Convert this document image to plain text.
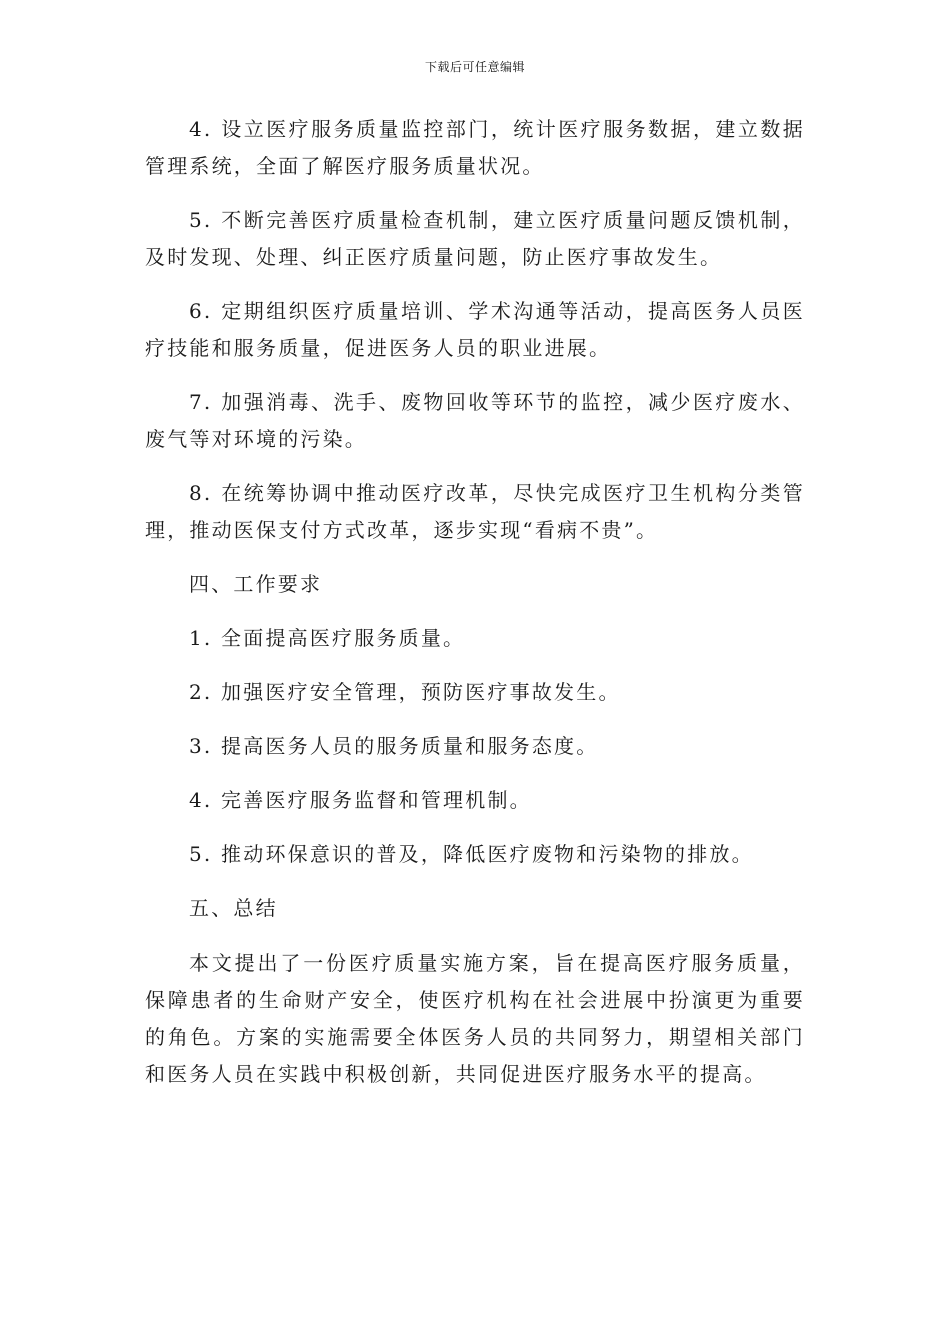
下载后可任意编辑

4. 设立医疗服务质量监控部门，统计医疗服务数据，建立数据管理系统，全面了解医疗服务质量状况。

5. 不断完善医疗质量检查机制，建立医疗质量问题反馈机制，及时发现、处理、纠正医疗质量问题，防止医疗事故发生。

6. 定期组织医疗质量培训、学术沟通等活动，提高医务人员医疗技能和服务质量，促进医务人员的职业进展。

7. 加强消毒、洗手、废物回收等环节的监控，减少医疗废水、废气等对环境的污染。

8. 在统筹协调中推动医疗改革，尽快完成医疗卫生机构分类管理，推动医保支付方式改革，逐步实现“看病不贵”。

四、工作要求

1. 全面提高医疗服务质量。

2. 加强医疗安全管理，预防医疗事故发生。

3. 提高医务人员的服务质量和服务态度。

4. 完善医疗服务监督和管理机制。

5. 推动环保意识的普及，降低医疗废物和污染物的排放。

五、总结

本文提出了一份医疗质量实施方案，旨在提高医疗服务质量，保障患者的生命财产安全，使医疗机构在社会进展中扮演更为重要的角色。方案的实施需要全体医务人员的共同努力，期望相关部门和医务人员在实践中积极创新，共同促进医疗服务水平的提高。
